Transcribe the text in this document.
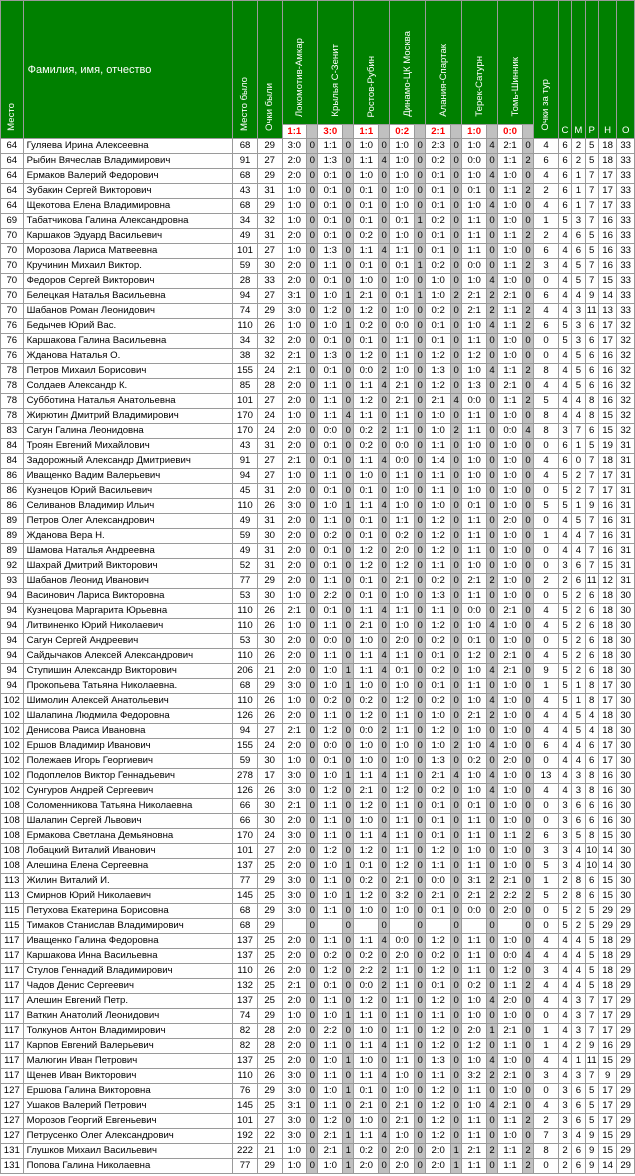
Место	Фамилия, имя, отчество	Место было	Очки были	Локомотив-Амкар		Крылья С-Зенит		Ростов-Рубин		Динамо-ЦК Москва		Алания-Спартак		Терек-Сатурн		Томь-Шинник		Очки за тур	С	М	Р	Н	О
				1:1		3:0		1:1		0:2		2:1		1:0		0:0							
64	Гуляева Ирина Алексеевна	68	29	3:0	0	1:1	0	1:0	0	1:0	0	2:3	0	1:0	4	2:1	0	4	6	2	5	18	33
64	Рыбин Вячеслав Владимирович	91	27	2:0	0	1:3	0	1:1	4	1:0	0	0:2	0	0:0	0	1:1	2	6	6	2	5	18	33
64	Ермаков Валерий Федорович	68	29	2:0	0	0:1	0	1:0	0	1:0	0	0:1	0	1:0	4	1:0	0	4	6	1	7	17	33
64	Зубакин Сергей Викторович	43	31	1:0	0	0:1	0	0:1	0	1:0	0	0:1	0	0:1	0	1:1	2	2	6	1	7	17	33
64	Щекотова Елена Владимировна	68	29	1:0	0	0:1	0	0:1	0	1:0	0	0:1	0	1:0	4	1:0	0	4	6	1	7	17	33
69	Табатчикова Галина Александровна	34	32	1:0	0	0:1	0	0:1	0	0:1	1	0:2	0	1:1	0	1:0	0	1	5	3	7	16	33
70	Каршаков Эдуард Васильевич	49	31	2:0	0	0:1	0	0:2	0	1:0	0	0:1	0	1:1	0	1:1	2	2	4	6	5	16	33
70	Морозова Лариса Матвеевна	101	27	1:0	0	1:3	0	1:1	4	1:1	0	0:1	0	1:1	0	1:0	0	6	4	6	5	16	33
70	Кручинин Михаил Виктор.	59	30	2:0	0	1:1	0	0:1	0	0:1	1	0:2	0	0:0	0	1:1	2	3	4	5	7	16	33
70	Федоров Сергей Викторович	28	33	2:0	0	0:1	0	1:0	0	1:0	0	1:0	0	1:0	4	1:0	0	0	4	5	7	15	33
70	Белецкая Наталья Васильевна	94	27	3:1	0	1:0	1	2:1	0	0:1	1	1:0	2	2:1	2	2:1	0	6	4	4	9	14	33
70	Шабанов Роман Леонидович	74	29	3:0	0	1:2	0	1:2	0	1:0	0	0:2	0	2:1	2	1:1	2	4	4	3	11	13	33
76	Бедычев Юрий Вас.	110	26	1:0	0	1:0	1	0:2	0	0:0	0	0:1	0	1:0	4	1:1	2	6	5	3	6	17	32
76	Каршакова Галина Васильевна	34	32	2:0	0	0:1	0	0:1	0	1:1	0	0:1	0	1:1	0	1:0	0	0	5	3	6	17	32
76	Жданова Наталья О.	38	32	2:1	0	1:3	0	1:2	0	1:1	0	1:2	0	1:2	0	1:0	0	0	4	5	6	16	32
78	Петров Михаил Борисович	155	24	2:1	0	0:1	0	0:0	2	1:0	0	1:3	0	1:0	4	1:1	2	8	4	5	6	16	32
78	Солдаев Александр К.	85	28	2:0	0	1:1	0	1:1	4	2:1	0	1:2	0	1:3	0	2:1	0	4	4	5	6	16	32
78	Субботина Наталья Анатольевна	101	27	2:0	0	1:1	0	1:2	0	2:1	0	2:1	4	0:0	0	1:1	2	5	4	4	8	16	32
78	Жирютин Дмитрий Владимирович	170	24	1:0	0	1:1	4	1:1	0	1:1	0	1:0	0	1:1	0	1:0	0	8	4	4	8	15	32
83	Сагун Галина Леонидовна	170	24	2:0	0	0:0	0	0:2	2	1:1	0	1:0	2	1:1	0	0:0	4	8	3	7	6	15	32
84	Троян Евгений Михайлович	43	31	2:0	0	0:1	0	0:2	0	0:0	0	1:1	0	1:0	0	1:0	0	0	6	1	5	19	31
84	Задорожный Александр Дмитриевич	91	27	2:1	0	0:1	0	1:1	4	0:0	0	1:4	0	1:0	0	1:0	0	4	6	0	7	18	31
86	Иващенко Вадим Валерьевич	94	27	1:0	0	1:1	0	1:0	0	1:1	0	1:1	0	1:0	0	1:0	0	4	5	2	7	17	31
86	Кузнецов Юрий Васильевич	45	31	2:0	0	0:1	0	0:1	0	1:0	0	1:1	0	1:0	0	1:0	0	0	5	2	7	17	31
86	Селиванов Владимир Ильич	110	26	3:0	0	1:0	1	1:1	4	1:0	0	1:0	0	0:1	0	1:0	0	5	5	1	9	16	31
89	Петров Олег Александрович	49	31	2:0	0	1:1	0	0:1	0	1:1	0	1:2	0	1:1	0	2:0	0	0	4	5	7	16	31
89	Жданова Вера Н.	59	30	2:0	0	0:2	0	0:1	0	0:2	0	1:2	0	1:1	0	1:0	0	1	4	4	7	16	31
89	Шамова Наталья Андреевна	49	31	2:0	0	0:1	0	1:2	0	2:0	0	1:2	0	1:1	0	1:0	0	0	4	4	7	16	31
92	Шахрай Дмитрий Викторович	52	31	2:0	0	0:1	0	1:2	0	1:2	0	1:1	0	1:0	0	1:0	0	0	3	6	7	15	31
93	Шабанов Леонид Иванович	77	29	2:0	0	1:1	0	0:1	0	2:1	0	0:2	0	2:1	2	1:0	0	2	2	6	11	12	31
94	Васинович Лариса Викторовна	53	30	1:0	0	2:2	0	0:1	0	1:0	0	1:3	0	1:1	0	1:0	0	0	5	2	6	18	30
94	Кузнецова Маргарита Юрьевна	110	26	2:1	0	0:1	0	1:1	4	1:1	0	1:1	0	0:0	0	2:1	0	4	5	2	6	18	30
94	Литвиненко Юрий Николаевич	110	26	1:0	0	1:1	0	2:1	0	1:0	0	1:2	0	1:0	4	1:0	0	4	5	2	6	18	30
94	Сагун Сергей Андреевич	53	30	2:0	0	0:0	0	1:0	0	2:0	0	0:2	0	0:1	0	1:0	0	0	5	2	6	18	30
94	Сайдычаков Алексей Александрович	110	26	2:0	0	1:1	0	1:1	4	1:1	0	0:1	0	1:2	0	2:1	0	4	5	2	6	18	30
94	Ступишин Александр Викторович	206	21	2:0	0	1:0	1	1:1	4	0:1	0	0:2	0	1:0	4	2:1	0	9	5	2	6	18	30
94	Прокопьева Татьяна Николаевна.	68	29	3:0	0	1:0	1	1:0	0	1:0	0	0:1	0	1:1	0	1:0	0	1	5	1	8	17	30
102	Шимолин Алексей Анатольевич	110	26	1:0	0	0:2	0	0:2	0	1:2	0	0:2	0	1:0	4	1:0	0	4	5	1	8	17	30
102	Шалапина Людмила Федоровна	126	26	2:0	0	1:1	0	1:2	0	1:1	0	1:0	0	2:1	2	1:0	0	4	4	5	4	18	30
102	Денисова Раиса Ивановна	94	27	2:1	0	1:2	0	0:0	2	1:1	0	1:2	0	1:0	0	1:0	0	4	4	5	4	18	30
102	Ершов Владимир Иванович	155	24	2:0	0	0:0	0	1:0	0	1:0	0	1:0	2	1:0	4	1:0	0	6	4	4	6	17	30
102	Полежаев Игорь Георгиевич	59	30	1:0	0	0:1	0	1:0	0	1:0	0	1:3	0	0:2	0	2:0	0	0	4	4	6	17	30
102	Подоплелов Виктор Геннадьевич	278	17	3:0	0	1:0	1	1:1	4	1:1	0	2:1	4	1:0	4	1:0	0	13	4	3	8	16	30
102	Сунгуров Андрей Сергеевич	126	26	3:0	0	1:2	0	2:1	0	1:2	0	0:2	0	1:0	4	1:0	0	4	4	3	8	16	30
108	Соломенникова Татьяна Николаевна	66	30	2:1	0	1:1	0	1:2	0	1:1	0	0:1	0	0:1	0	1:0	0	0	3	6	6	16	30
108	Шалапин Сергей Львович	66	30	2:0	0	1:1	0	1:0	0	1:1	0	0:1	0	1:1	0	1:0	0	0	3	6	6	16	30
108	Ермакова Светлана Демьяновна	170	24	3:0	0	1:1	0	1:1	4	1:1	0	0:1	0	1:1	0	1:1	2	6	3	5	8	15	30
108	Лобацкий Виталий Иванович	101	27	2:0	0	1:2	0	1:2	0	1:1	0	1:2	0	1:0	0	1:0	0	3	3	4	10	14	30
108	Алешина Елена Сергеевна	137	25	2:0	0	1:0	1	0:1	0	1:2	0	1:1	0	1:1	0	1:0	0	5	3	4	10	14	30
113	Жилин Виталий И.	77	29	3:0	0	1:1	0	0:2	0	2:1	0	0:0	0	3:1	2	2:1	0	1	2	8	6	15	30
113	Смирнов Юрий Николаевич	145	25	3:0	0	1:0	1	1:2	0	3:2	0	2:1	0	2:1	2	2:2	2	5	2	8	6	15	30
115	Петухова Екатерина Борисовна	68	29	3:0	0	1:1	0	1:0	0	1:0	0	0:1	0	0:0	0	2:0	0	0	5	2	5	29	29
115	Тимаков Станислав Владимирович	68	29		0		0		0		0		0		0		0	0	5	2	5	29	29
117	Иващенко Галина Федоровна	137	25	2:0	0	1:1	0	1:1	4	0:0	0	1:2	0	1:1	0	1:0	0	4	4	4	5	18	29
117	Каршакова Инна Васильевна	137	25	2:0	0	0:2	0	0:2	0	2:0	0	0:2	0	1:1	0	0:0	4	4	4	4	5	18	29
117	Стулов Геннадий Владимирович	110	26	2:0	0	1:2	0	2:2	2	1:1	0	1:2	0	1:1	0	1:2	0	3	4	4	5	18	29
117	Чадов Денис Сергеевич	132	25	2:1	0	0:1	0	0:0	2	1:1	0	0:1	0	0:2	0	1:1	2	4	4	4	5	18	29
117	Алешин Евгений Петр.	137	25	2:0	0	1:1	0	1:2	0	1:1	0	1:2	0	1:0	4	2:0	0	4	4	3	7	17	29
117	Ваткин Анатолий Леонидович	74	29	1:0	0	1:0	1	1:1	0	1:1	0	1:1	0	1:0	0	1:0	0	0	4	3	7	17	29
117	Толкунов Антон Владимирович	82	28	2:0	0	2:2	0	1:0	0	1:1	0	1:2	0	2:0	1	2:1	0	1	4	3	7	17	29
117	Карпов Евгений Валерьевич	82	28	2:0	0	1:1	0	1:1	4	1:1	0	1:2	0	1:2	0	1:1	0	1	4	2	9	16	29
117	Малюгин Иван Петрович	137	25	2:0	0	1:0	1	1:0	0	1:1	0	1:3	0	1:0	4	1:0	0	4	4	1	11	15	29
117	Щенев Иван Викторович	110	26	3:0	0	1:1	0	1:1	4	1:0	0	1:1	0	3:2	2	2:1	0	3	4	3	7	9	29
127	Ершова Галина Викторовна	76	29	3:0	0	1:0	1	0:1	0	1:0	0	1:2	0	1:1	0	1:0	0	0	3	6	5	17	29
127	Ушаков Валерий Петрович	145	25	3:1	0	1:1	0	2:1	0	2:1	0	1:2	0	1:0	4	2:1	0	4	3	6	5	17	29
127	Морозов Георгий Евгеньевич	101	27	3:0	0	1:2	0	1:0	0	2:1	0	1:2	0	1:1	0	1:1	2	2	3	6	5	17	29
127	Петрусенко Олег Александрович	192	22	3:0	0	2:1	1	1:1	4	1:0	0	1:2	0	1:1	0	1:0	0	7	3	4	9	15	29
131	Глушков Михаил Васильевич	222	21	1:0	0	2:1	1	0:2	0	2:0	0	2:0	1	2:1	2	1:1	2	8	2	6	9	15	29
131	Попова Галина Николаевна	77	29	1:0	0	1:0	1	2:0	0	2:0	0	2:0	1	1:1	0	1:1	2	0	2	6	9	14	29
